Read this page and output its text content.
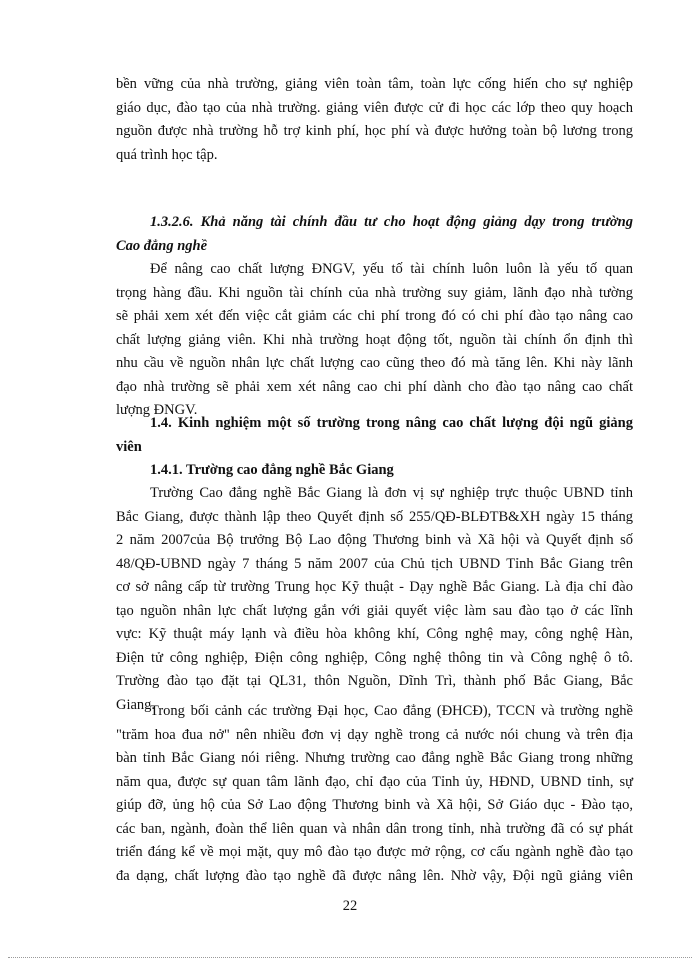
bền vững của nhà trường, giảng viên toàn tâm, toàn lực cống hiến cho sự nghiệp
giáo dục, đào tạo của nhà trường. giảng viên được cử đi học các lớp theo quy hoạch
nguồn được nhà trường hỗ trợ kinh phí, học phí và được hưởng toàn bộ lương trong
quá trình học tập.
1.3.2.6. Khả năng tài chính đầu tư cho hoạt động giảng dạy trong trường
Cao đẳng nghề
Để nâng cao chất lượng ĐNGV, yếu tố tài chính luôn luôn là yếu tố quan
trọng hàng đầu. Khi nguồn tài chính của nhà trường suy giảm, lãnh đạo nhà tường
sẽ phải xem xét đến việc cắt giảm các chi phí trong đó có chi phí đào tạo nâng cao
chất lượng giảng viên. Khi nhà trường hoạt động tốt, nguồn tài chính ổn định thì
nhu cầu về nguồn nhân lực chất lượng cao cũng theo đó mà tăng lên. Khi này lãnh
đạo nhà trường sẽ phải xem xét nâng cao chi phí dành cho đào tạo nâng cao chất
lượng ĐNGV.
1.4. Kinh nghiệm một số trường trong nâng cao chất lượng đội ngũ giảng
viên
1.4.1. Trường cao đẳng nghề Bắc Giang
Trường Cao đẳng nghề Bắc Giang là đơn vị sự nghiệp trực thuộc UBND tỉnh
Bắc Giang, được thành lập theo Quyết định số 255/QĐ-BLĐTB&XH ngày 15 tháng
2 năm 2007của Bộ trưởng Bộ Lao động Thương binh và Xã hội và Quyết định số
48/QĐ-UBND ngày 7 tháng 5 năm 2007 của Chủ tịch UBND Tỉnh Bắc Giang trên
cơ sở nâng cấp từ trường Trung học Kỹ thuật - Dạy nghề Bắc Giang. Là địa chỉ đào
tạo nguồn nhân lực chất lượng gắn với giải quyết việc làm sau đào tạo ở các lĩnh
vực: Kỹ thuật máy lạnh và điều hòa không khí, Công nghệ may, công nghệ Hàn,
Điện tử công nghiệp, Điện công nghiệp, Công nghệ thông tin và Công nghệ ô tô.
Trường đào tạo đặt tại QL31, thôn Nguồn, Dĩnh Trì, thành phố Bắc Giang, Bắc
Giang.
Trong bối cảnh các trường Đại học, Cao đẳng (ĐHCĐ), TCCN và trường nghề
"trăm hoa đua nở" nên nhiều đơn vị dạy nghề trong cả nước nói chung và trên địa
bàn tỉnh Bắc Giang nói riêng. Nhưng trường cao đẳng nghề Bắc Giang trong những
năm qua, được sự quan tâm lãnh đạo, chỉ đạo của Tỉnh ủy, HĐND, UBND tỉnh, sự
giúp đỡ, ủng hộ của Sở Lao động Thương binh và Xã hội, Sở Giáo dục - Đào tạo,
các ban, ngành, đoàn thể liên quan và nhân dân trong tỉnh, nhà trường đã có sự phát
triển đáng kể về mọi mặt, quy mô đào tạo được mở rộng, cơ cấu ngành nghề đào tạo
đa dạng, chất lượng đào tạo nghề đã được nâng lên. Nhờ vậy, Đội ngũ giảng viên
22
